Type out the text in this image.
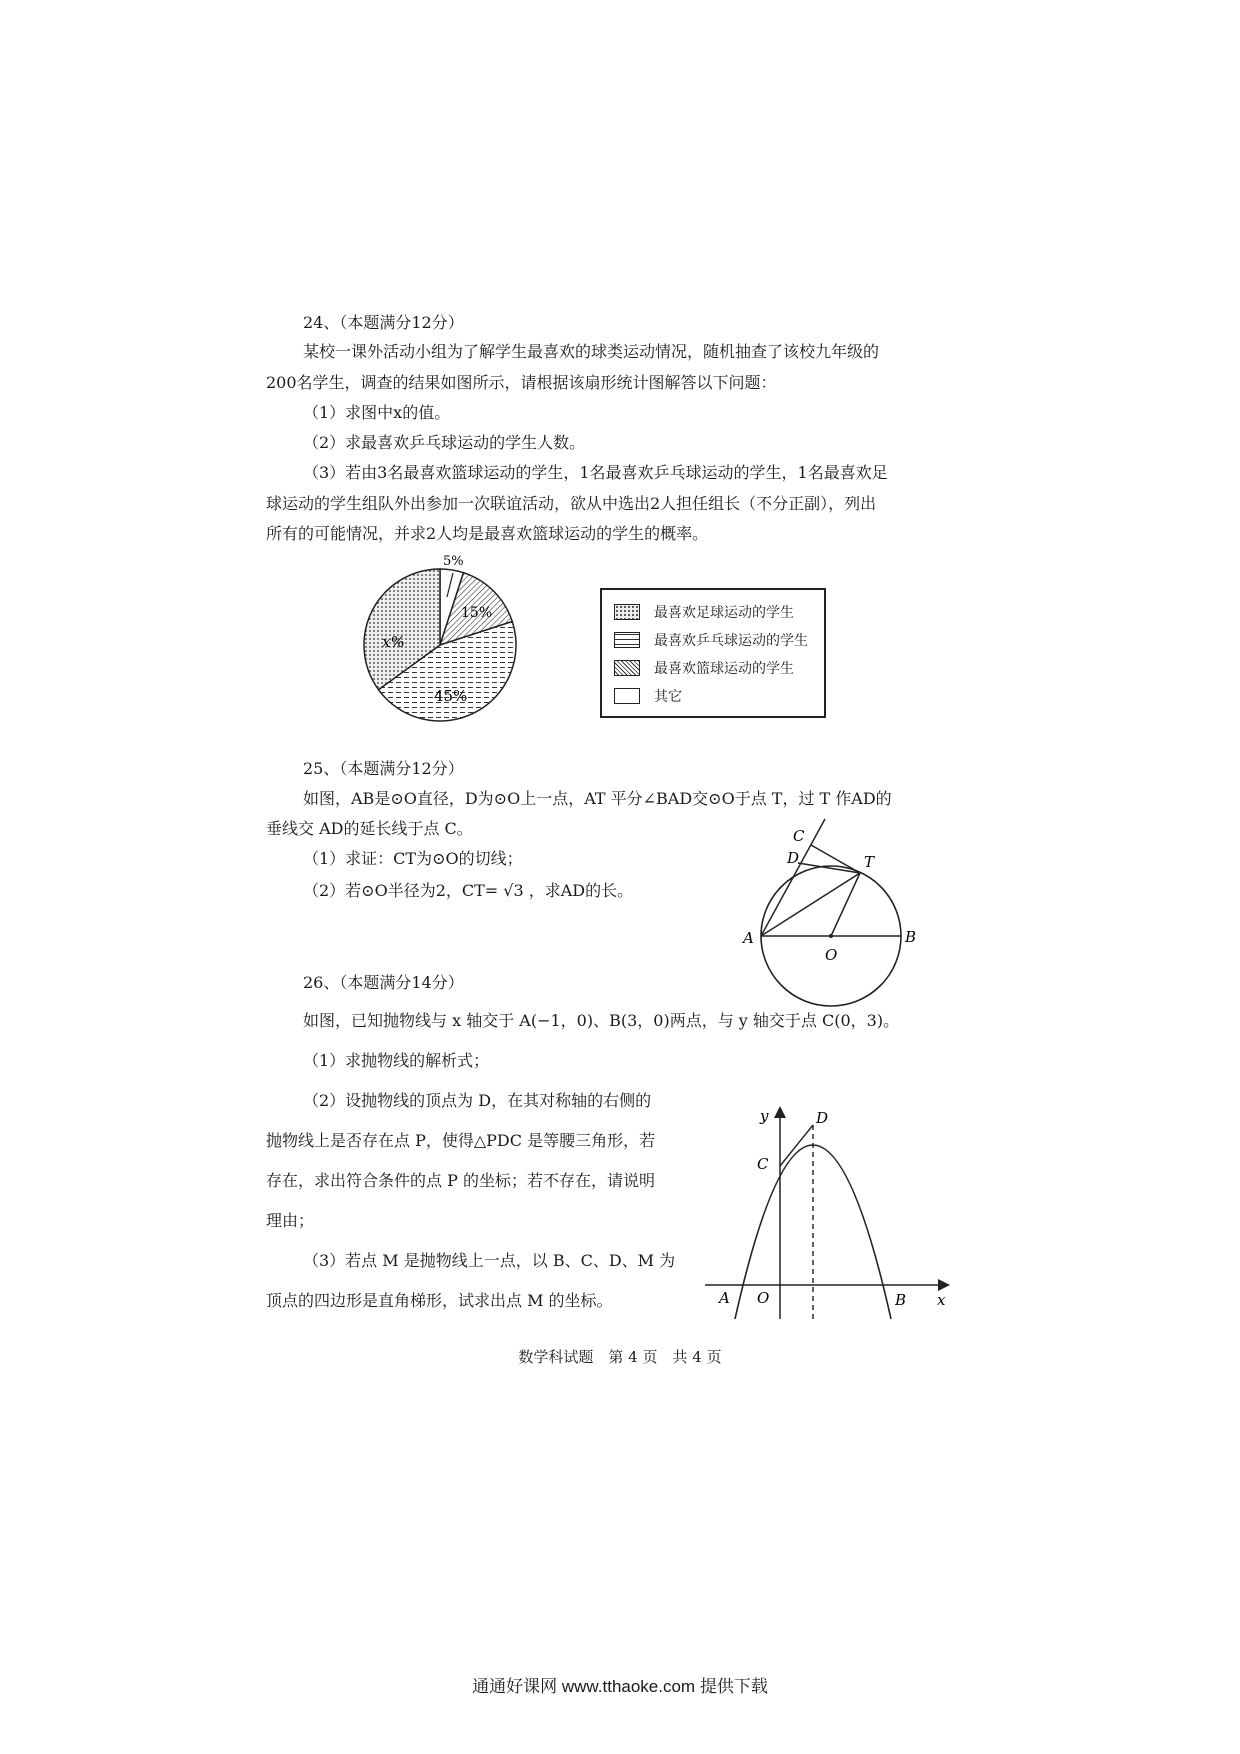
24、（本题满分12分）
某校一课外活动小组为了解学生最喜欢的球类运动情况，随机抽查了该校九年级的
200名学生，调查的结果如图所示，请根据该扇形统计图解答以下问题：
（1）求图中x的值。
（2）求最喜欢乒乓球运动的学生人数。
（3）若由3名最喜欢篮球运动的学生，1名最喜欢乒乓球运动的学生，1名最喜欢足
球运动的学生组队外出参加一次联谊活动，欲从中选出2人担任组长（不分正副），列出
所有的可能情况，并求2人均是最喜欢篮球运动的学生的概率。
5%
15%
45%
x%
最喜欢足球运动的学生
最喜欢乒乓球运动的学生
最喜欢篮球运动的学生
其它
25、（本题满分12分）
如图，AB是⊙O直径，D为⊙O上一点，AT 平分∠BAD交⊙O于点 T，过 T 作AD的
垂线交 AD的延长线于点 C。
（1）求证：CT为⊙O的切线；
（2）若⊙O半径为2，CT= √3 ，求AD的长。
C
D	T
A	B
O
26、（本题满分14分）
如图，已知抛物线与 x 轴交于 A(−1，0)、B(3，0)两点，与 y 轴交于点 C(0，3)。
（1）求抛物线的解析式；
（2）设抛物线的顶点为 D，在其对称轴的右侧的
抛物线上是否存在点 P，使得△PDC 是等腰三角形，若
存在，求出符合条件的点 P 的坐标；若不存在，请说明
理由；
（3）若点 M 是抛物线上一点，以 B、C、D、M 为
顶点的四边形是直角梯形，试求出点 M 的坐标。
y	D
C
A O	B x
数学科试题　第 4 页　共 4 页
通通好课网 www.tthaoke.com 提供下载
